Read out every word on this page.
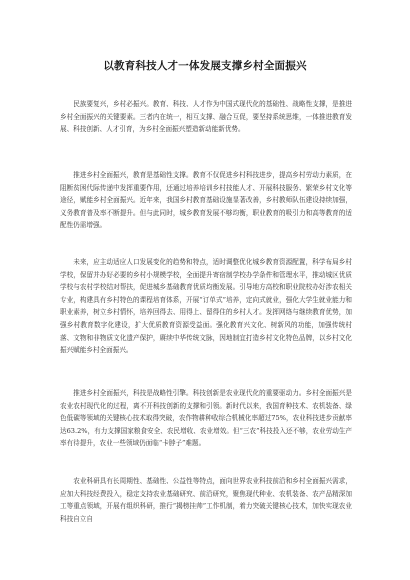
以教育科技人才一体发展支撑乡村全面振兴

民族要复兴，乡村必振兴。教育、科技、人才作为中国式现代化的基础性、战略性支撑，是推进乡村全面振兴的关键要素。三者内在统一，相互支撑、融合互促，要坚持系统思维，一体推进教育发展、科技创新、人才引育，为乡村全面振兴塑造新动能新优势。

推进乡村全面振兴，教育是基础性支撑。教育不仅促进乡村科技进步，提高乡村劳动力素质，在阻断贫困代际传递中发挥重要作用，还通过培养培训乡村技能人才、开展科技服务、繁荣乡村文化等途径，赋能乡村全面振兴。近年来，我国乡村教育基础设施显著改善，乡村教师队伍建设持续加强，义务教育普及率不断提升。但与此同时，城乡教育发展不够均衡，职业教育的吸引力和高等教育的适配性仍需增强。

未来，应主动适应人口发展变化的趋势和特点，适时调整优化城乡教育资源配置，科学布局乡村学校，保留并办好必要的乡村小规模学校，全面提升寄宿制学校办学条件和管理水平，推动城区优质学校与农村学校结对帮扶，促进城乡基础教育优质均衡发展。引导地方高校和职业院校办好涉农相关专业，构建具有乡村特色的课程培育体系，开展“订单式”培养，定向式就业，强化大学生就业能力和职业素养，树立乡村情怀，培养回得去、用得上、留得住的乡村人才。发挥网络与继续教育优势，加强乡村教育数字化建设，扩大优质教育资源受益面。强化教育兴文化、树新风的功能，加强传统村落、文物和非物质文化遗产保护，赓续中华传统文脉，因地制宜打造乡村文化特色品牌，以乡村文化振兴赋能乡村全面振兴。

推进乡村全面振兴，科技是战略性引擎。科技创新是农业现代化的重要驱动力。乡村全面振兴是农业农村现代化的过程，离不开科技创新的支撑和引领。新时代以来，我国育种技术、农机装备、绿色低碳等领域的关键核心技术取得突破，农作物耕种收综合机械化率超过75%，农业科技进步贡献率达63.2%，有力支撑国家粮食安全、农民增收、农业增效。但“三农”科技投入还不够，农业劳动生产率有待提升，农业一些领域仍面临“卡脖子”难题。

农业科研具有长周期性、基础性、公益性等特点，面向世界农业科技前沿和乡村全面振兴需求，应加大科技经费投入，稳定支持农业基础研究、前沿研究，聚焦现代种业、农机装备、农产品精深加工等重点领域，开展有组织科研，推行“揭榜挂帅”工作机制，着力突破关键核心技术，加快实现农业科技自立自
